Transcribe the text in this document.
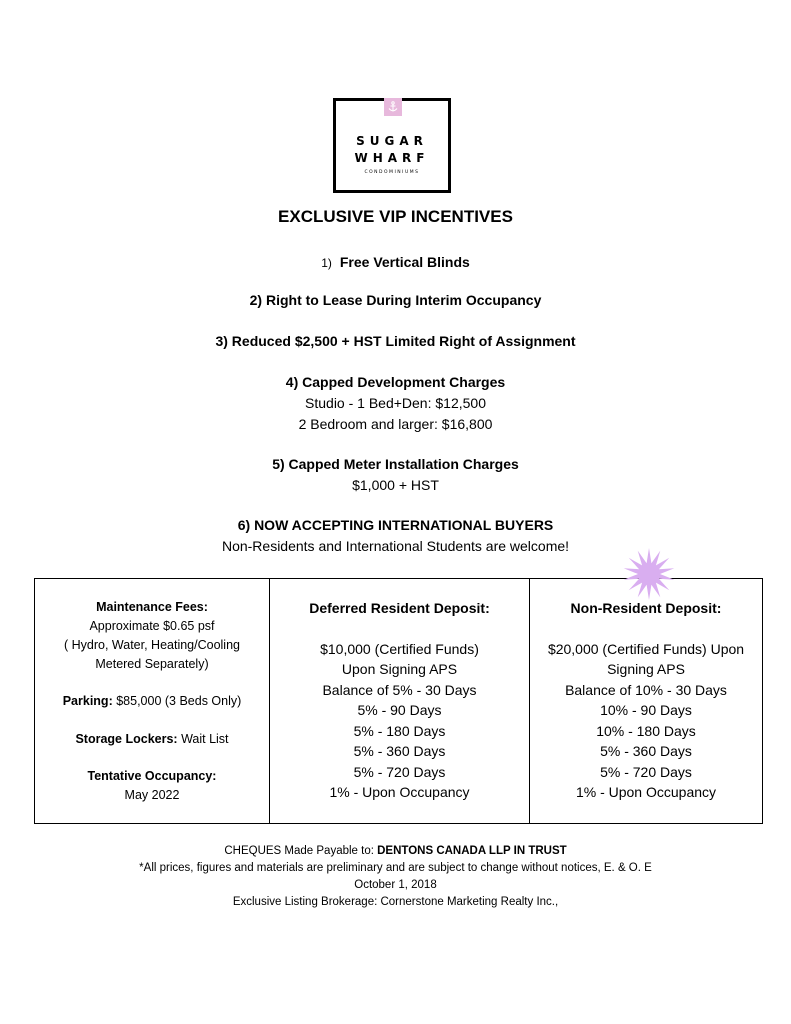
SUGAR
WHARF
CONDOMINIUMS
EXCLUSIVE VIP INCENTIVES
1) Free Vertical Blinds
2) Right to Lease During Interim Occupancy
3) Reduced $2,500 + HST Limited Right of Assignment
4) Capped Development Charges
Studio - 1 Bed+Den: $12,500
2 Bedroom and larger: $16,800
5) Capped Meter Installation Charges
$1,000 + HST
6) NOW ACCEPTING INTERNATIONAL BUYERS
Non-Residents and International Students are welcome!
Maintenance Fees:
Approximate $0.65 psf
( Hydro, Water, Heating/Cooling
Metered Separately)
Parking: $85,000 (3 Beds Only)
Storage Lockers: Wait List
Tentative Occupancy:
May 2022
Deferred Resident Deposit:
$10,000 (Certified Funds)
Upon Signing APS
Balance of 5% - 30 Days
5% - 90 Days
5% - 180 Days
5% - 360 Days
5% - 720 Days
1% - Upon Occupancy
Non-Resident Deposit:
$20,000 (Certified Funds) Upon
Signing APS
Balance of 10% - 30 Days
10% - 90 Days
10% - 180 Days
5% - 360 Days
5% - 720 Days
1% - Upon Occupancy
CHEQUES Made Payable to: DENTONS CANADA LLP IN TRUST
*All prices, figures and materials are preliminary and are subject to change without notices, E. & O. E
October 1, 2018
Exclusive Listing Brokerage: Cornerstone Marketing Realty Inc.,
